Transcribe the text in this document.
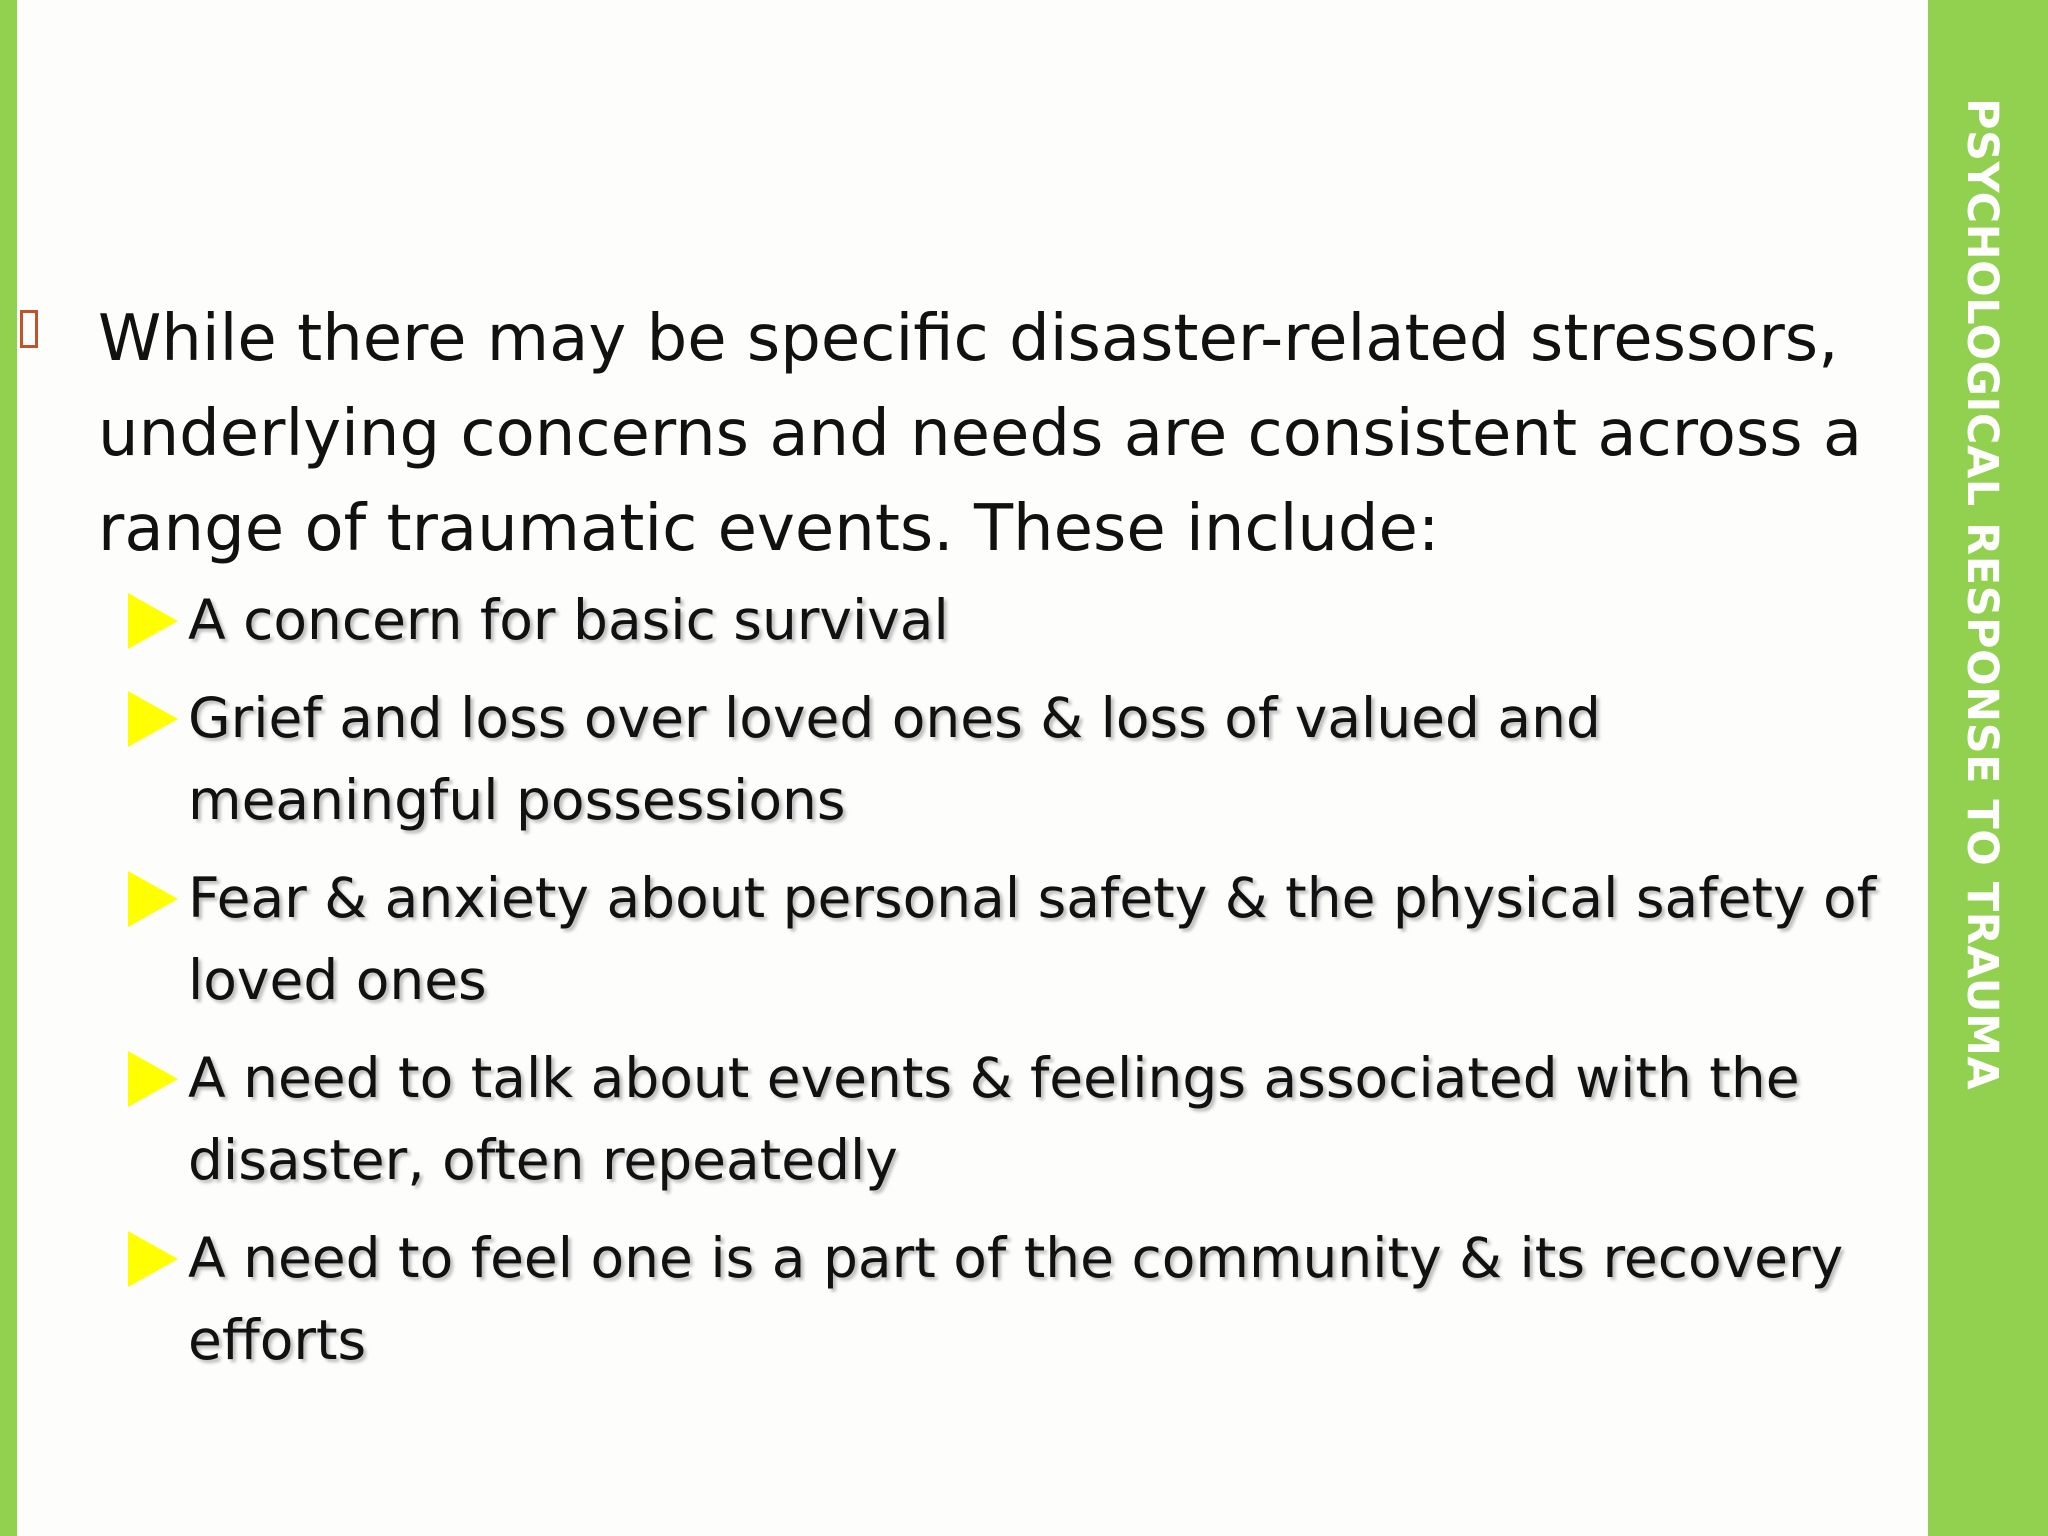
While there may be specific disaster-related stressors, underlying concerns and needs are consistent across a range of traumatic events. These include:
A concern for basic survival
Grief and loss over loved ones & loss of valued and meaningful possessions
Fear & anxiety about personal safety & the physical safety of loved ones
A need to talk about events & feelings associated with the disaster, often repeatedly
A need to feel one is a part of the community & its recovery efforts
PSYCHOLOGICAL RESPONSE TO TRAUMA
